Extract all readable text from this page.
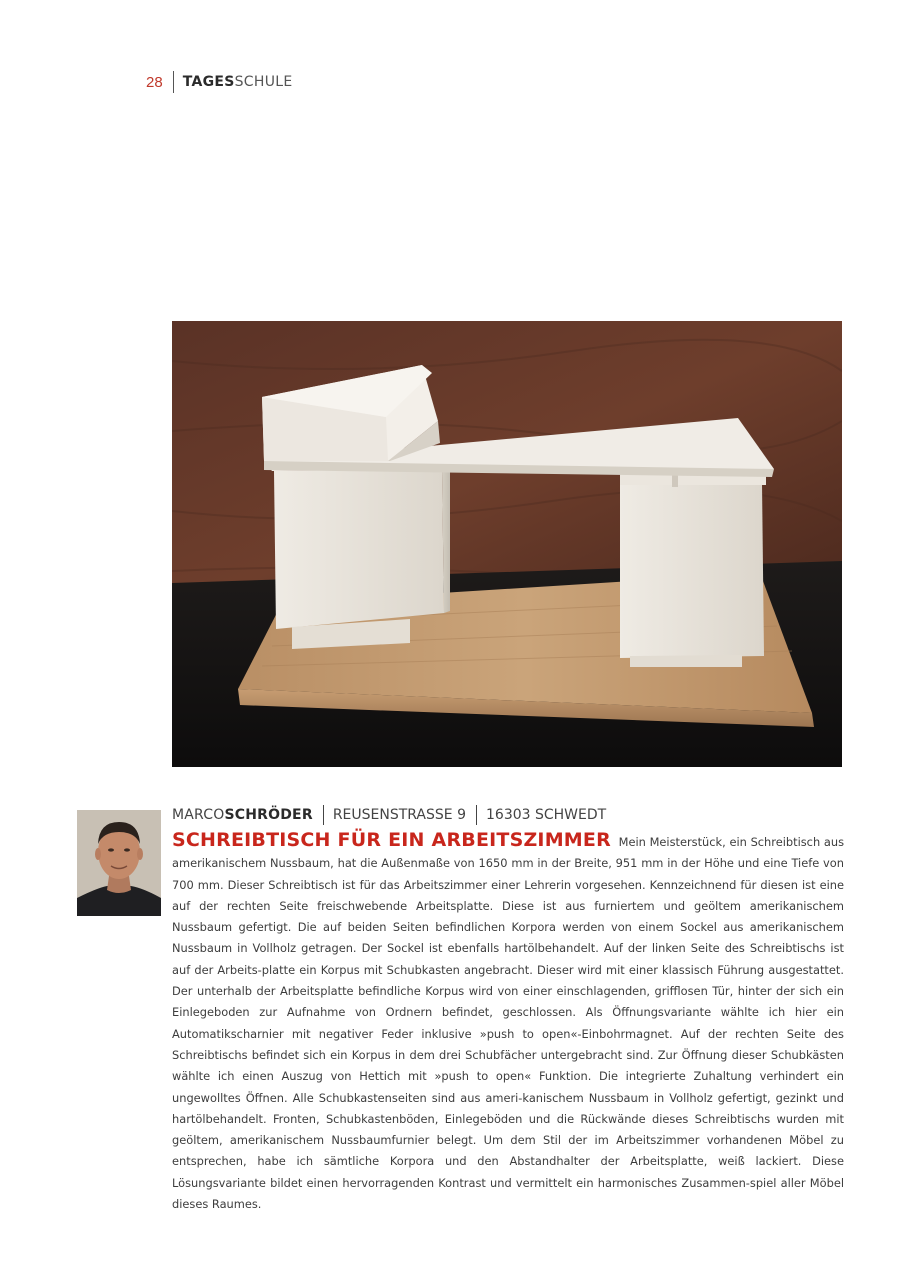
28 TAGES SCHULE
MARCO SCHRÖDER REUSENSTRASSE 9 16303 SCHWEDT
SCHREIBTISCH FÜR EIN ARBEITSZIMMER Mein Meisterstück, ein Schreibtisch aus amerikanischem Nussbaum, hat die Außenmaße von 1650 mm in der Breite, 951 mm in der Höhe und eine Tiefe von 700 mm. Dieser Schreibtisch ist für das Arbeitszimmer einer Lehrerin vorgesehen. Kennzeichnend für diesen ist eine auf der rechten Seite freischwebende Arbeitsplatte. Diese ist aus furniertem und geöltem amerikanischem Nussbaum gefertigt. Die auf beiden Seiten befindlichen Korpora werden von einem Sockel aus amerikanischem Nussbaum in Vollholz getragen. Der Sockel ist ebenfalls hartölbehandelt. Auf der linken Seite des Schreibtischs ist auf der Arbeits-platte ein Korpus mit Schubkasten angebracht. Dieser wird mit einer klassisch Führung ausgestattet. Der unterhalb der Arbeitsplatte befindliche Korpus wird von einer einschlagenden, grifflosen Tür, hinter der sich ein Einlegeboden zur Aufnahme von Ordnern befindet, geschlossen. Als Öffnungsvariante wählte ich hier ein Automatikscharnier mit negativer Feder inklusive »push to open«-Einbohrmagnet. Auf der rechten Seite des Schreibtischs befindet sich ein Korpus in dem drei Schubfächer untergebracht sind. Zur Öffnung dieser Schubkästen wählte ich einen Auszug von Hettich mit »push to open« Funktion. Die integrierte Zuhaltung verhindert ein ungewolltes Öffnen. Alle Schubkastenseiten sind aus ameri-kanischem Nussbaum in Vollholz gefertigt, gezinkt und hartölbehandelt. Fronten, Schubkastenböden, Einlegeböden und die Rückwände dieses Schreibtischs wurden mit geöltem, amerikanischem Nussbaumfurnier belegt. Um dem Stil der im Arbeitszimmer vorhandenen Möbel zu entsprechen, habe ich sämtliche Korpora und den Abstandhalter der Arbeitsplatte, weiß lackiert. Diese Lösungsvariante bildet einen hervorragenden Kontrast und vermittelt ein harmonisches Zusammen-spiel aller Möbel dieses Raumes.
